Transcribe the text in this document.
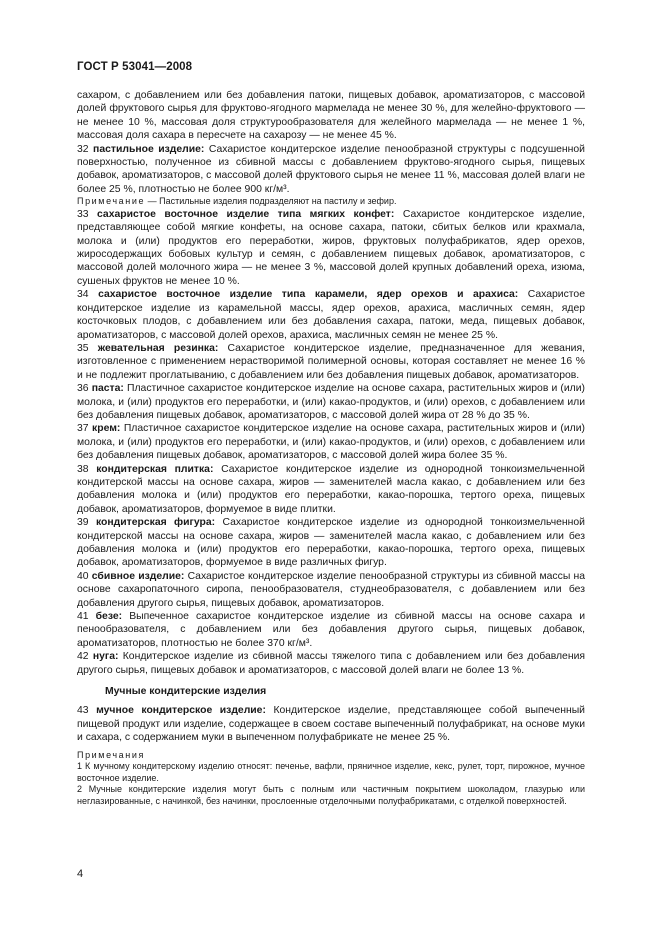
ГОСТ Р 53041—2008

сахаром, с добавлением или без добавления патоки, пищевых добавок, ароматизаторов, с массовой долей фруктового сырья для фруктово-ягодного мармелада не менее 30 %, для желейно-фруктового — не менее 10 %, массовая доля структурообразователя для желейного мармелада — не менее 1 %, массовая доля сахара в пересчете на сахарозу — не менее 45 %.

32 пастильное изделие: Сахаристое кондитерское изделие пенообразной структуры с подсушенной поверхностью, полученное из сбивной массы с добавлением фруктово-ягодного сырья, пищевых добавок, ароматизаторов, с массовой долей фруктового сырья не менее 11 %, массовая долей влаги не более 25 %, плотностью не более 900 кг/м³.

Примечание — Пастильные изделия подразделяют на пастилу и зефир.

33 сахаристое восточное изделие типа мягких конфет: Сахаристое кондитерское изделие, представляющее собой мягкие конфеты, на основе сахара, патоки, сбитых белков или крахмала, молока и (или) продуктов его переработки, жиров, фруктовых полуфабрикатов, ядер орехов, жиросодержащих бобовых культур и семян, с добавлением пищевых добавок, ароматизаторов, с массовой долей молочного жира — не менее 3 %, массовой долей крупных добавлений ореха, изюма, сушеных фруктов не менее 10 %.

34 сахаристое восточное изделие типа карамели, ядер орехов и арахиса: Сахаристое кондитерское изделие из карамельной массы, ядер орехов, арахиса, масличных семян, ядер косточковых плодов, с добавлением или без добавления сахара, патоки, меда, пищевых добавок, ароматизаторов, с массовой долей орехов, арахиса, масличных семян не менее 25 %.

35 жевательная резинка: Сахаристое кондитерское изделие, предназначенное для жевания, изготовленное с применением нерастворимой полимерной основы, которая составляет не менее 16 % и не подлежит проглатыванию, с добавлением или без добавления пищевых добавок, ароматизаторов.

36 паста: Пластичное сахаристое кондитерское изделие на основе сахара, растительных жиров и (или) молока, и (или) продуктов его переработки, и (или) какао-продуктов, и (или) орехов, с добавлением или без добавления пищевых добавок, ароматизаторов, с массовой долей жира от 28 % до 35 %.

37 крем: Пластичное сахаристое кондитерское изделие на основе сахара, растительных жиров и (или) молока, и (или) продуктов его переработки, и (или) какао-продуктов, и (или) орехов, с добавлением или без добавления пищевых добавок, ароматизаторов, с массовой долей жира более 35 %.

38 кондитерская плитка: Сахаристое кондитерское изделие из однородной тонкоизмельченной кондитерской массы на основе сахара, жиров — заменителей масла какао, с добавлением или без добавления молока и (или) продуктов его переработки, какао-порошка, тертого ореха, пищевых добавок, ароматизаторов, формуемое в виде плитки.

39 кондитерская фигура: Сахаристое кондитерское изделие из однородной тонкоизмельченной кондитерской массы на основе сахара, жиров — заменителей масла какао, с добавлением или без добавления молока и (или) продуктов его переработки, какао-порошка, тертого ореха, пищевых добавок, ароматизаторов, формуемое в виде различных фигур.

40 сбивное изделие: Сахаристое кондитерское изделие пенообразной структуры из сбивной массы на основе сахаропаточного сиропа, пенообразователя, студнеобразователя, с добавлением или без добавления другого сырья, пищевых добавок, ароматизаторов.

41 безе: Выпеченное сахаристое кондитерское изделие из сбивной массы на основе сахара и пенообразователя, с добавлением или без добавления другого сырья, пищевых добавок, ароматизаторов, плотностью не более 370 кг/м³.

42 нуга: Кондитерское изделие из сбивной массы тяжелого типа с добавлением или без добавления другого сырья, пищевых добавок и ароматизаторов, с массовой долей влаги не более 13 %.

Мучные кондитерские изделия

43 мучное кондитерское изделие: Кондитерское изделие, представляющее собой выпеченный пищевой продукт или изделие, содержащее в своем составе выпеченный полуфабрикат, на основе муки и сахара, с содержанием муки в выпеченном полуфабрикате не менее 25 %.

Примечания

1 К мучному кондитерскому изделию относят: печенье, вафли, пряничное изделие, кекс, рулет, торт, пирожное, мучное восточное изделие.

2 Мучные кондитерские изделия могут быть с полным или частичным покрытием шоколадом, глазурью или неглазированные, с начинкой, без начинки, прослоенные отделочными полуфабрикатами, с отделкой поверхностей.

4
